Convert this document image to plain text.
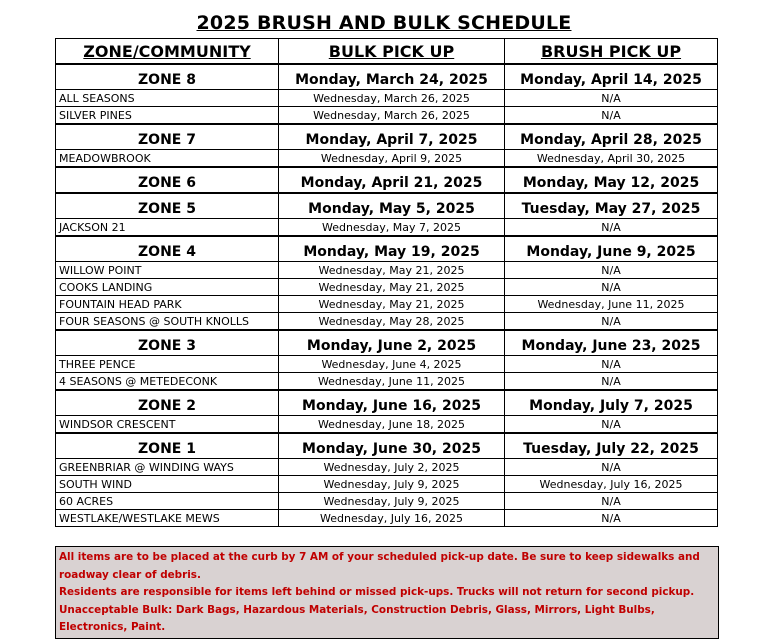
2025 BRUSH AND BULK SCHEDULE
ZONE/COMMUNITY	BULK PICK UP	BRUSH PICK UP
ZONE 8	Monday, March 24, 2025	Monday, April 14, 2025
ALL SEASONS	Wednesday, March 26, 2025	N/A
SILVER PINES	Wednesday, March 26, 2025	N/A
ZONE 7	Monday, April 7, 2025	Monday, April 28, 2025
MEADOWBROOK	Wednesday, April 9, 2025	Wednesday, April 30, 2025
ZONE 6	Monday, April 21, 2025	Monday, May 12, 2025
ZONE 5	Monday, May 5, 2025	Tuesday, May 27, 2025
JACKSON 21	Wednesday, May 7, 2025	N/A
ZONE 4	Monday, May 19, 2025	Monday, June 9, 2025
WILLOW POINT	Wednesday, May 21, 2025	N/A
COOKS LANDING	Wednesday, May 21, 2025	N/A
FOUNTAIN HEAD PARK	Wednesday, May 21, 2025	Wednesday, June 11, 2025
FOUR SEASONS @ SOUTH KNOLLS	Wednesday, May 28, 2025	N/A
ZONE 3	Monday, June 2, 2025	Monday, June 23, 2025
THREE PENCE	Wednesday, June 4, 2025	N/A
4 SEASONS @ METEDECONK	Wednesday, June 11, 2025	N/A
ZONE 2	Monday, June 16, 2025	Monday, July 7, 2025
WINDSOR CRESCENT	Wednesday, June 18, 2025	N/A
ZONE 1	Monday, June 30, 2025	Tuesday, July 22, 2025
GREENBRIAR @ WINDING WAYS	Wednesday, July 2, 2025	N/A
SOUTH WIND	Wednesday, July 9, 2025	Wednesday, July 16, 2025
60 ACRES	Wednesday, July 9, 2025	N/A
WESTLAKE/WESTLAKE MEWS	Wednesday, July 16, 2025	N/A
All items are to be placed at the curb by 7 AM of your scheduled pick-up date. Be sure to keep sidewalks and
roadway clear of debris.
Residents are responsible for items left behind or missed pick-ups. Trucks will not return for second pickup.
Unacceptable Bulk: Dark Bags, Hazardous Materials, Construction Debris, Glass, Mirrors, Light Bulbs,
Electronics, Paint.
